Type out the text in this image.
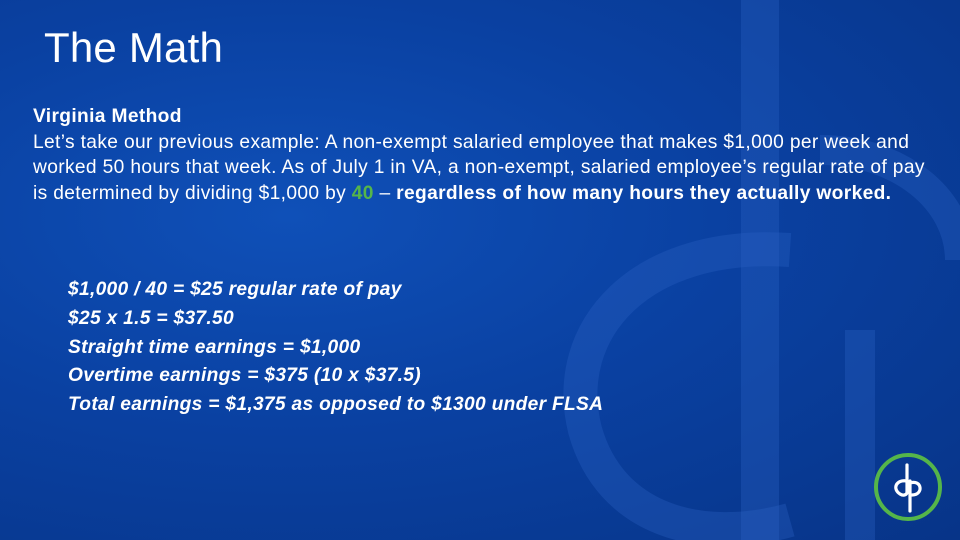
The Math
Virginia Method
Let’s take our previous example: A non-exempt salaried employee that makes $1,000 per week and worked 50 hours that week. As of July 1 in VA, a non-exempt, salaried employee’s regular rate of pay is determined by dividing $1,000 by 40 – regardless of how many hours they actually worked.
$1,000 / 40 = $25 regular rate of pay
$25 x 1.5 = $37.50
Straight time earnings = $1,000
Overtime earnings = $375 (10 x $37.5)
Total earnings = $1,375 as opposed to $1300 under FLSA
